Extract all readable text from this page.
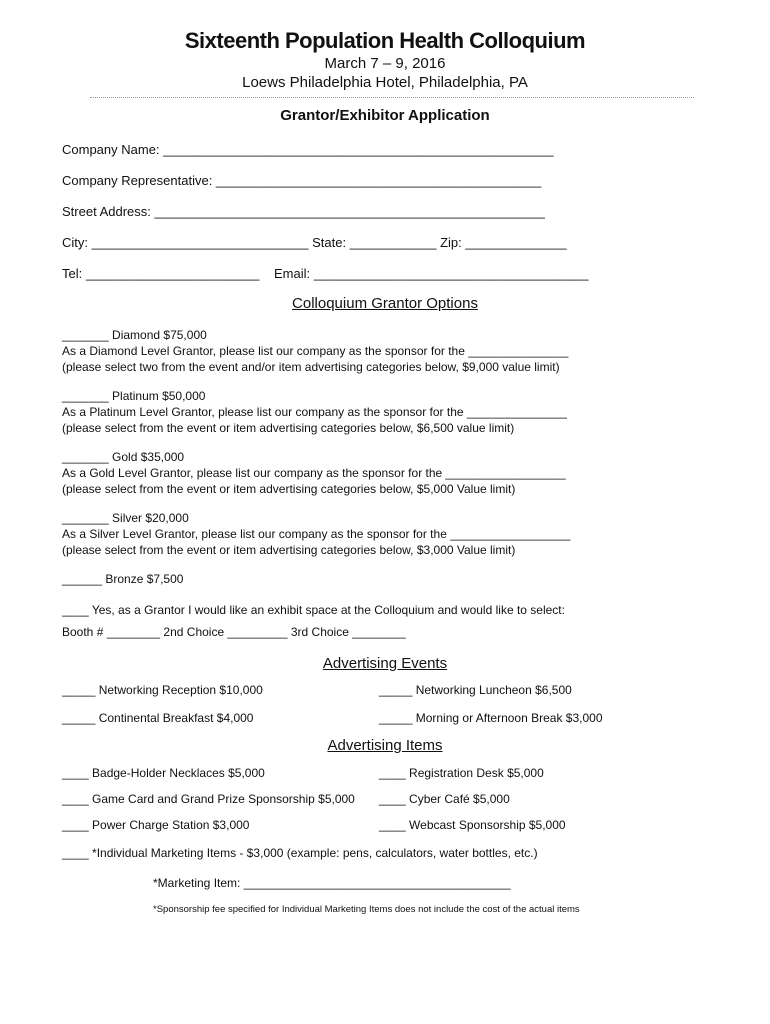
Sixteenth Population Health Colloquium
March 7 – 9, 2016
Loews Philadelphia Hotel, Philadelphia, PA
Grantor/Exhibitor Application
Company Name: ______________________________________________________
Company Representative: _____________________________________________
Street Address: ______________________________________________________
City: ______________________________ State: ____________ Zip: ______________
Tel: ________________________ Email: ______________________________________
Colloquium Grantor Options
_______ Diamond $75,000
As a Diamond Level Grantor, please list our company as the sponsor for the _______________
(please select two from the event and/or item advertising categories below, $9,000 value limit)
_______ Platinum $50,000
As a Platinum Level Grantor, please list our company as the sponsor for the _______________
(please select from the event or item advertising categories below, $6,500 value limit)
_______ Gold $35,000
As a Gold Level Grantor, please list our company as the sponsor for the __________________
(please select from the event or item advertising categories below, $5,000 Value limit)
_______ Silver $20,000
As a Silver Level Grantor, please list our company as the sponsor for the __________________
(please select from the event or item advertising categories below, $3,000 Value limit)
______ Bronze $7,500
____ Yes, as a Grantor I would like an exhibit space at the Colloquium and would like to select:
Booth # ________ 2nd Choice _________ 3rd Choice ________
Advertising Events
_____ Networking Reception $10,000	_____ Networking Luncheon $6,500
_____ Continental Breakfast $4,000	_____ Morning or Afternoon Break $3,000
Advertising Items
____ Badge-Holder Necklaces $5,000	____ Registration Desk $5,000
____ Game Card and Grand Prize Sponsorship $5,000 ____ Cyber Café $5,000
____ Power Charge Station $3,000	____ Webcast Sponsorship $5,000
____ *Individual Marketing Items - $3,000 (example: pens, calculators, water bottles, etc.)
*Marketing Item: ________________________________________
*Sponsorship fee specified for Individual Marketing Items does not include the cost of the actual items
